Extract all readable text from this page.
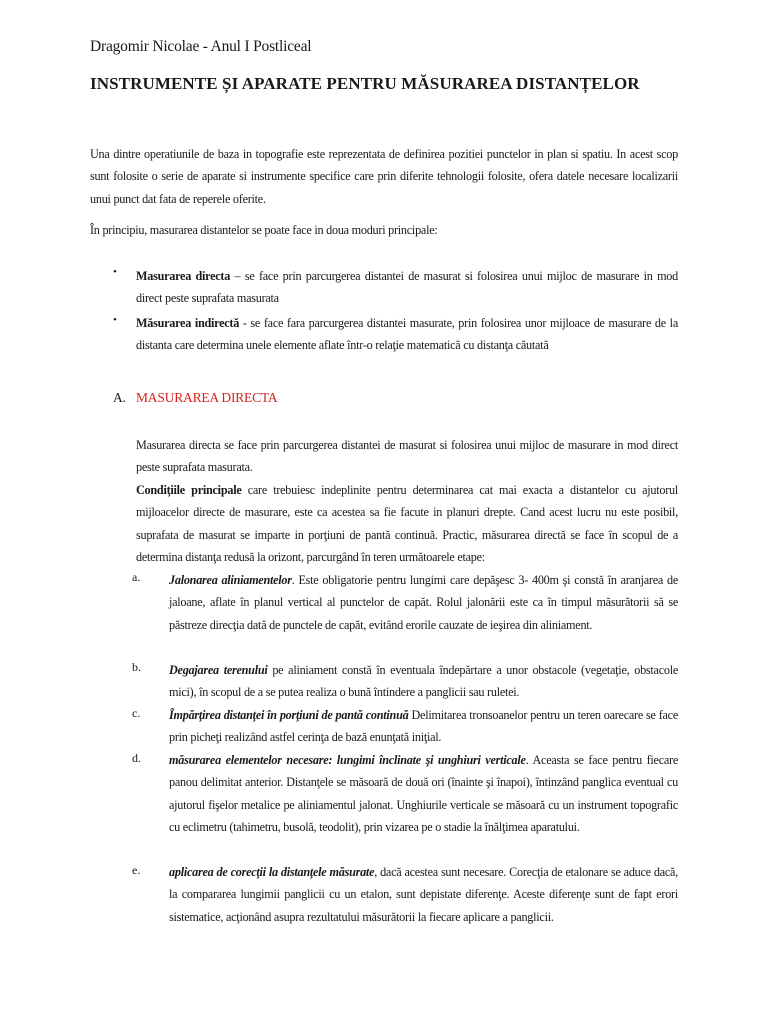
Dragomir Nicolae - Anul I Postliceal
INSTRUMENTE ȘI APARATE PENTRU MĂSURAREA DISTANȚELOR

Una dintre operatiunile de baza in topografie este reprezentata de definirea pozitiei punctelor in plan si spatiu. In acest scop sunt folosite o serie de aparate si instrumente specifice care prin diferite tehnologii folosite, ofera datele necesare localizarii unui punct dat fata de reperele oferite.

În principiu, masurarea distantelor se poate face in doua moduri principale:

• Masurarea directa – se face prin parcurgerea distantei de masurat si folosirea unui mijloc de masurare in mod direct peste suprafata masurata

• Măsurarea indirectă - se face fara parcurgerea distantei masurate, prin folosirea unor mijloace de masurare de la distanta care determina unele elemente aflate într-o relaţie matematică cu distanţa căutată

A. MASURAREA DIRECTA

Masurarea directa se face prin parcurgerea distantei de masurat si folosirea unui mijloc de masurare in mod direct peste suprafata masurata.

Condiţiile principale care trebuiesc indeplinite pentru determinarea cat mai exacta a distantelor cu ajutorul mijloacelor directe de masurare, este ca acestea sa fie facute in planuri drepte. Cand acest lucru nu este posibil, suprafata de masurat se imparte in porţiuni de pantă continuă. Practic, măsurarea directă se face în scopul de a determina distanţa redusă la orizont, parcurgând în teren următoarele etape:

a. Jalonarea aliniamentelor. Este obligatorie pentru lungimi care depăşesc 3- 400m şi constă în aranjarea de jaloane, aflate în planul vertical al punctelor de capăt. Rolul jalonării este ca în timpul măsurătorii să se păstreze direcţia dată de punctele de capăt, evitând erorile cauzate de ieşirea din aliniament.

b. Degajarea terenului pe aliniament constă în eventuala îndepărtare a unor obstacole (vegetaţie, obstacole mici), în scopul de a se putea realiza o bună întindere a panglicii sau ruletei.

c. Împărţirea distanţei în porţiuni de pantă continuă Delimitarea tronsoanelor pentru un teren oarecare se face prin picheţi realizând astfel cerinţa de bază enunţată iniţial.

d. măsurarea elementelor necesare: lungimi înclinate şi unghiuri verticale. Aceasta se face pentru fiecare panou delimitat anterior. Distanţele se măsoară de două ori (înainte şi înapoi), întinzând panglica eventual cu ajutorul fişelor metalice pe aliniamentul jalonat. Unghiurile verticale se măsoară cu un instrument topografic cu eclimetru (tahimetru, busolă, teodolit), prin vizarea pe o stadie la înălţimea aparatului.

e. aplicarea de corecţii la distanţele măsurate, dacă acestea sunt necesare. Corecţia de etalonare se aduce dacă, la compararea lungimii panglicii cu un etalon, sunt depistate diferenţe. Aceste diferenţe sunt de fapt erori sistematice, acţionând asupra rezultatului măsurătorii la fiecare aplicare a panglicii.
